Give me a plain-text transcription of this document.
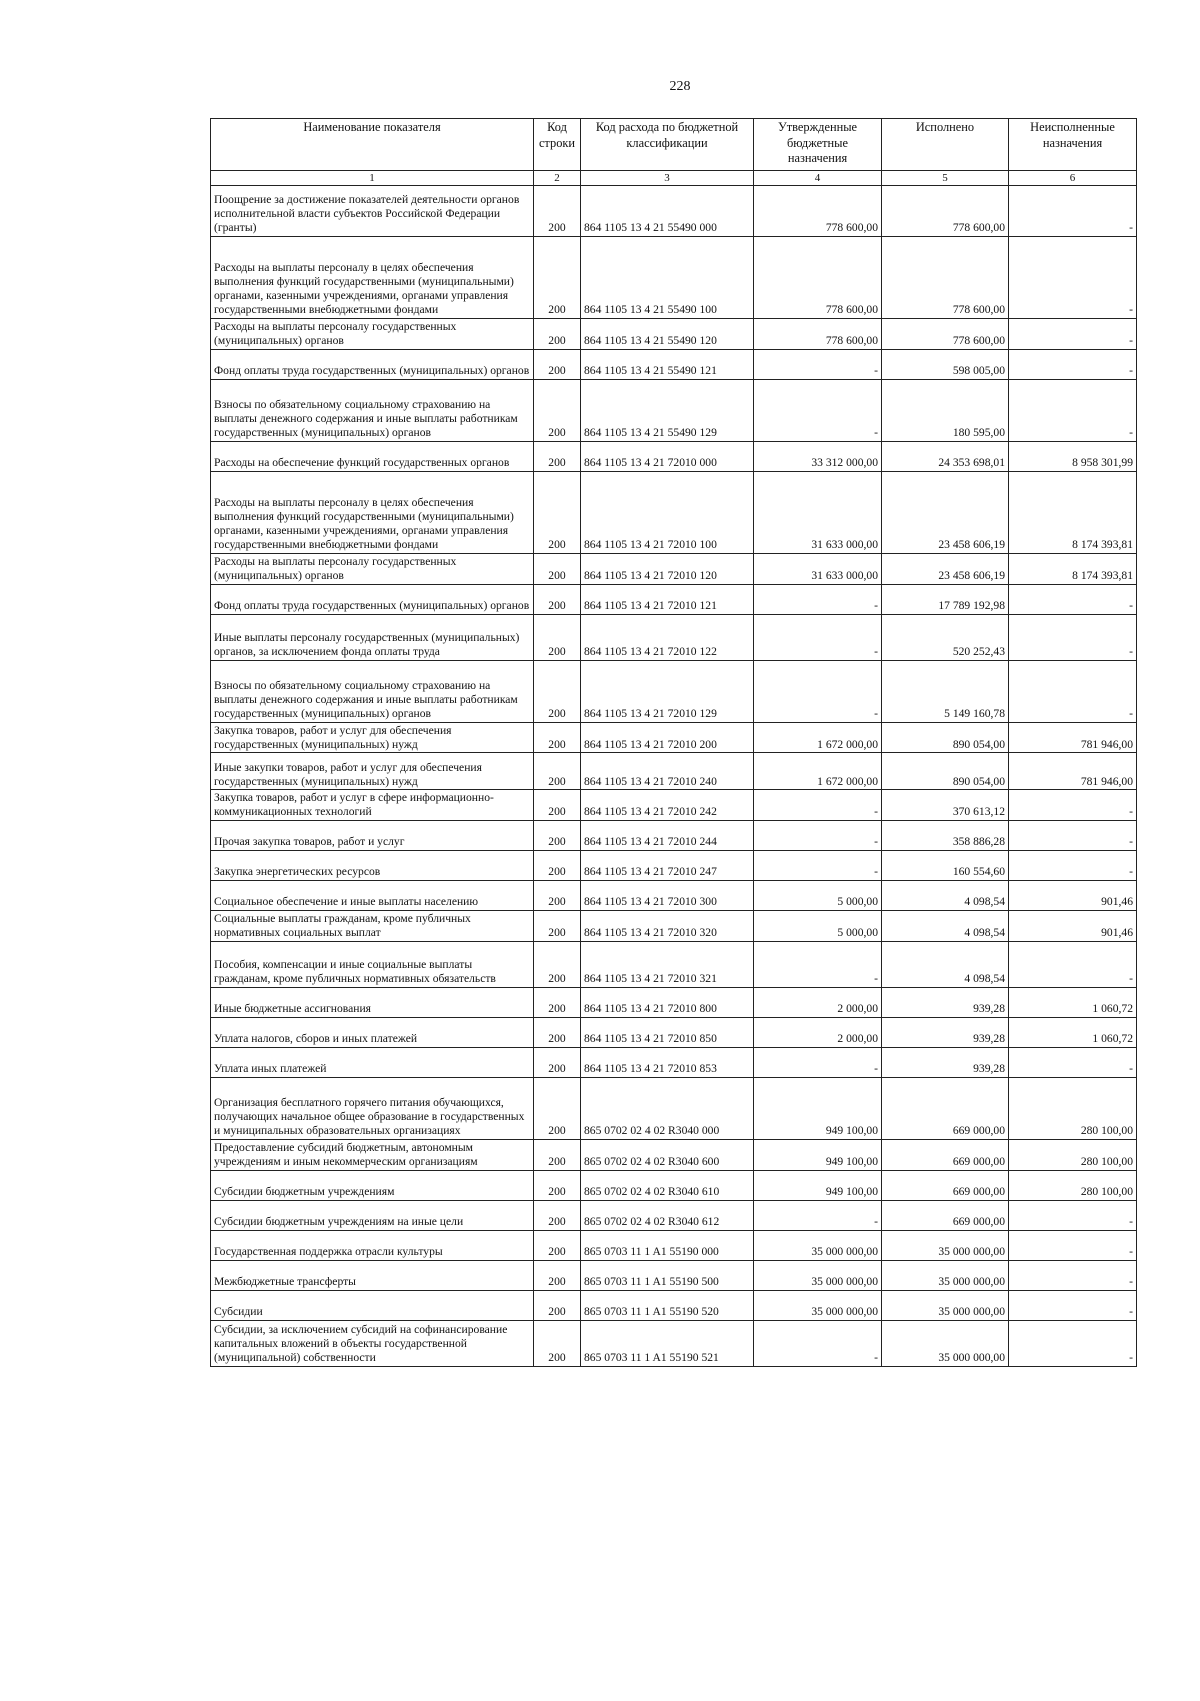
228
Наименование показателя	Код строки	Код расхода по бюджетной классификации	Утвержденные бюджетные назначения	Исполнено	Неисполненные назначения
1	2	3	4	5	6
Поощрение за достижение показателей деятельности органов исполнительной власти субъектов Российской Федерации (гранты)	200	864 1105 13 4 21 55490 000	778 600,00	778 600,00	-
Расходы на выплаты персоналу в целях обеспечения выполнения функций государственными (муниципальными) органами, казенными учреждениями, органами управления государственными внебюджетными фондами	200	864 1105 13 4 21 55490 100	778 600,00	778 600,00	-
Расходы на выплаты персоналу государственных (муниципальных) органов	200	864 1105 13 4 21 55490 120	778 600,00	778 600,00	-
Фонд оплаты труда государственных (муниципальных) органов	200	864 1105 13 4 21 55490 121	-	598 005,00	-
Взносы по обязательному социальному страхованию на выплаты денежного содержания и иные выплаты работникам государственных (муниципальных) органов	200	864 1105 13 4 21 55490 129	-	180 595,00	-
Расходы на обеспечение функций государственных органов	200	864 1105 13 4 21 72010 000	33 312 000,00	24 353 698,01	8 958 301,99
Расходы на выплаты персоналу в целях обеспечения выполнения функций государственными (муниципальными) органами, казенными учреждениями, органами управления государственными внебюджетными фондами	200	864 1105 13 4 21 72010 100	31 633 000,00	23 458 606,19	8 174 393,81
Расходы на выплаты персоналу государственных (муниципальных) органов	200	864 1105 13 4 21 72010 120	31 633 000,00	23 458 606,19	8 174 393,81
Фонд оплаты труда государственных (муниципальных) органов	200	864 1105 13 4 21 72010 121	-	17 789 192,98	-
Иные выплаты персоналу государственных (муниципальных) органов, за исключением фонда оплаты труда	200	864 1105 13 4 21 72010 122	-	520 252,43	-
Взносы по обязательному социальному страхованию на выплаты денежного содержания и иные выплаты работникам государственных (муниципальных) органов	200	864 1105 13 4 21 72010 129	-	5 149 160,78	-
Закупка товаров, работ и услуг для обеспечения государственных (муниципальных) нужд	200	864 1105 13 4 21 72010 200	1 672 000,00	890 054,00	781 946,00
Иные закупки товаров, работ и услуг для обеспечения государственных (муниципальных) нужд	200	864 1105 13 4 21 72010 240	1 672 000,00	890 054,00	781 946,00
Закупка товаров, работ и услуг в сфере информационно-коммуникационных технологий	200	864 1105 13 4 21 72010 242	-	370 613,12	-
Прочая закупка товаров, работ и услуг	200	864 1105 13 4 21 72010 244	-	358 886,28	-
Закупка энергетических ресурсов	200	864 1105 13 4 21 72010 247	-	160 554,60	-
Социальное обеспечение и иные выплаты населению	200	864 1105 13 4 21 72010 300	5 000,00	4 098,54	901,46
Социальные выплаты гражданам, кроме публичных нормативных социальных выплат	200	864 1105 13 4 21 72010 320	5 000,00	4 098,54	901,46
Пособия, компенсации и иные социальные выплаты гражданам, кроме публичных нормативных обязательств	200	864 1105 13 4 21 72010 321	-	4 098,54	-
Иные бюджетные ассигнования	200	864 1105 13 4 21 72010 800	2 000,00	939,28	1 060,72
Уплата налогов, сборов и иных платежей	200	864 1105 13 4 21 72010 850	2 000,00	939,28	1 060,72
Уплата иных платежей	200	864 1105 13 4 21 72010 853	-	939,28	-
Организация бесплатного горячего питания обучающихся, получающих начальное общее образование в государственных и муниципальных образовательных организациях	200	865 0702 02 4 02 R3040 000	949 100,00	669 000,00	280 100,00
Предоставление субсидий бюджетным, автономным учреждениям и иным некоммерческим организациям	200	865 0702 02 4 02 R3040 600	949 100,00	669 000,00	280 100,00
Субсидии бюджетным учреждениям	200	865 0702 02 4 02 R3040 610	949 100,00	669 000,00	280 100,00
Субсидии бюджетным учреждениям на иные цели	200	865 0702 02 4 02 R3040 612	-	669 000,00	-
Государственная поддержка отрасли культуры	200	865 0703 11 1 A1 55190 000	35 000 000,00	35 000 000,00	-
Межбюджетные трансферты	200	865 0703 11 1 A1 55190 500	35 000 000,00	35 000 000,00	-
Субсидии	200	865 0703 11 1 A1 55190 520	35 000 000,00	35 000 000,00	-
Субсидии, за исключением субсидий на софинансирование капитальных вложений в объекты государственной (муниципальной) собственности	200	865 0703 11 1 A1 55190 521	-	35 000 000,00	-
